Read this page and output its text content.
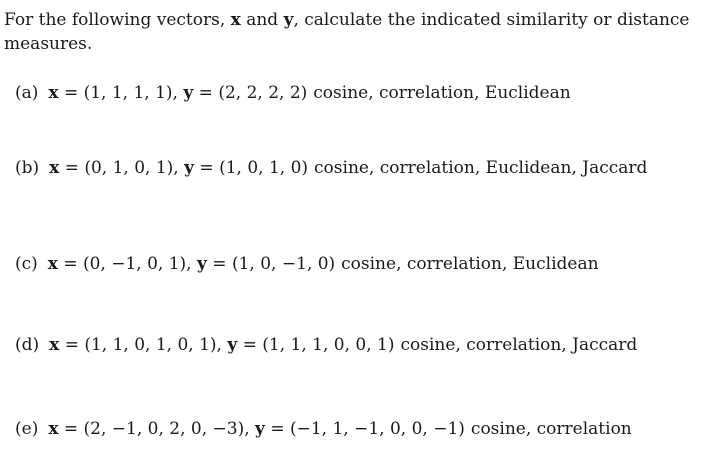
For the following vectors, x and y, calculate the indicated similarity or distance measures.

(a) x = (1, 1, 1, 1), y = (2, 2, 2, 2) cosine, correlation, Euclidean

(b) x = (0, 1, 0, 1), y = (1, 0, 1, 0) cosine, correlation, Euclidean, Jaccard

(c) x = (0, −1, 0, 1), y = (1, 0, −1, 0) cosine, correlation, Euclidean

(d) x = (1, 1, 0, 1, 0, 1), y = (1, 1, 1, 0, 0, 1) cosine, correlation, Jaccard

(e) x = (2, −1, 0, 2, 0, −3), y = (−1, 1, −1, 0, 0, −1) cosine, correlation
